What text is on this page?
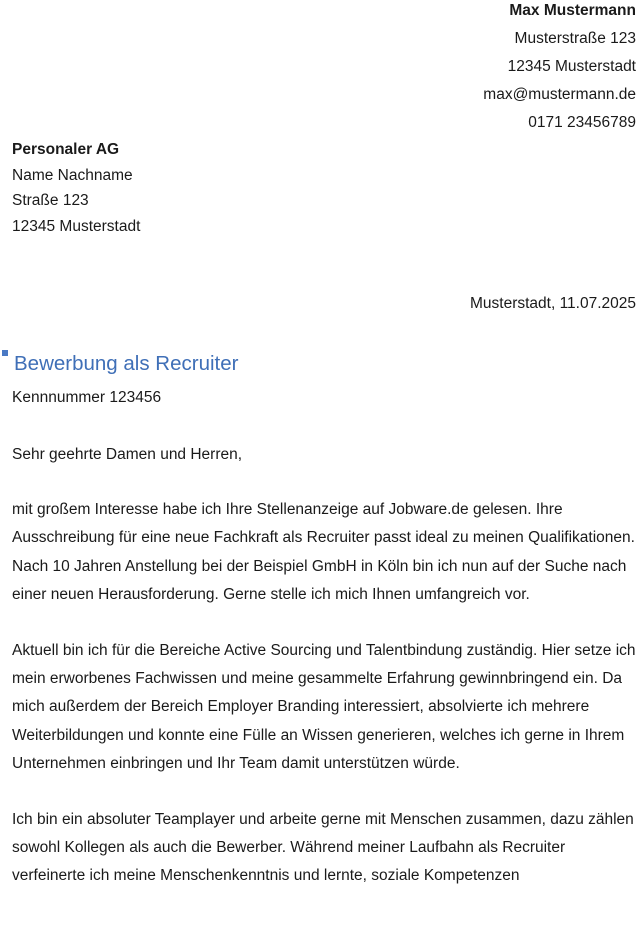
Max Mustermann
Musterstraße 123
12345 Musterstadt
max@mustermann.de
0171 23456789
Personaler AG
Name Nachname
Straße 123
12345 Musterstadt
Musterstadt, 11.07.2025
Bewerbung als Recruiter
Kennnummer 123456

Sehr geehrte Damen und Herren,

mit großem Interesse habe ich Ihre Stellenanzeige auf Jobware.de gelesen. Ihre Ausschreibung für eine neue Fachkraft als Recruiter passt ideal zu meinen Qualifikationen. Nach 10 Jahren Anstellung bei der Beispiel GmbH in Köln bin ich nun auf der Suche nach einer neuen Herausforderung. Gerne stelle ich mich Ihnen umfangreich vor.

Aktuell bin ich für die Bereiche Active Sourcing und Talentbindung zuständig. Hier setze ich mein erworbenes Fachwissen und meine gesammelte Erfahrung gewinnbringend ein. Da mich außerdem der Bereich Employer Branding interessiert, absolvierte ich mehrere Weiterbildungen und konnte eine Fülle an Wissen generieren, welches ich gerne in Ihrem Unternehmen einbringen und Ihr Team damit unterstützen würde.

Ich bin ein absoluter Teamplayer und arbeite gerne mit Menschen zusammen, dazu zählen sowohl Kollegen als auch die Bewerber. Während meiner Laufbahn als Recruiter verfeinerte ich meine Menschenkenntnis und lernte, soziale Kompetenzen
